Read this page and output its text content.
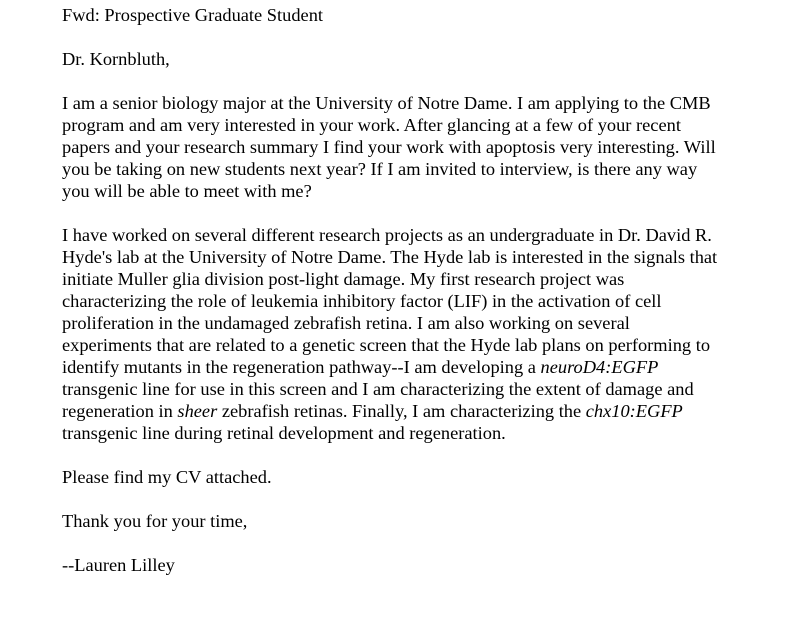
Fwd: Prospective Graduate Student

Dr. Kornbluth,

I am a senior biology major at the University of Notre Dame. I am applying to the CMB

program and am very interested in your work. After glancing at a few of your recent

papers and your research summary I find your work with apoptosis very interesting. Will

you be taking on new students next year? If I am invited to interview, is there any way

you will be able to meet with me?

I have worked on several different research projects as an undergraduate in Dr. David R.

Hyde's lab at the University of Notre Dame. The Hyde lab is interested in the signals that

initiate Muller glia division post-light damage. My first research project was

characterizing the role of leukemia inhibitory factor (LIF) in the activation of cell

proliferation in the undamaged zebrafish retina. I am also working on several

experiments that are related to a genetic screen that the Hyde lab plans on performing to

identify mutants in the regeneration pathway--I am developing a neuroD4:EGFP

transgenic line for use in this screen and I am characterizing the extent of damage and

regeneration in sheer zebrafish retinas. Finally, I am characterizing the chx10:EGFP

transgenic line during retinal development and regeneration.

Please find my CV attached.

Thank you for your time,

--Lauren Lilley
